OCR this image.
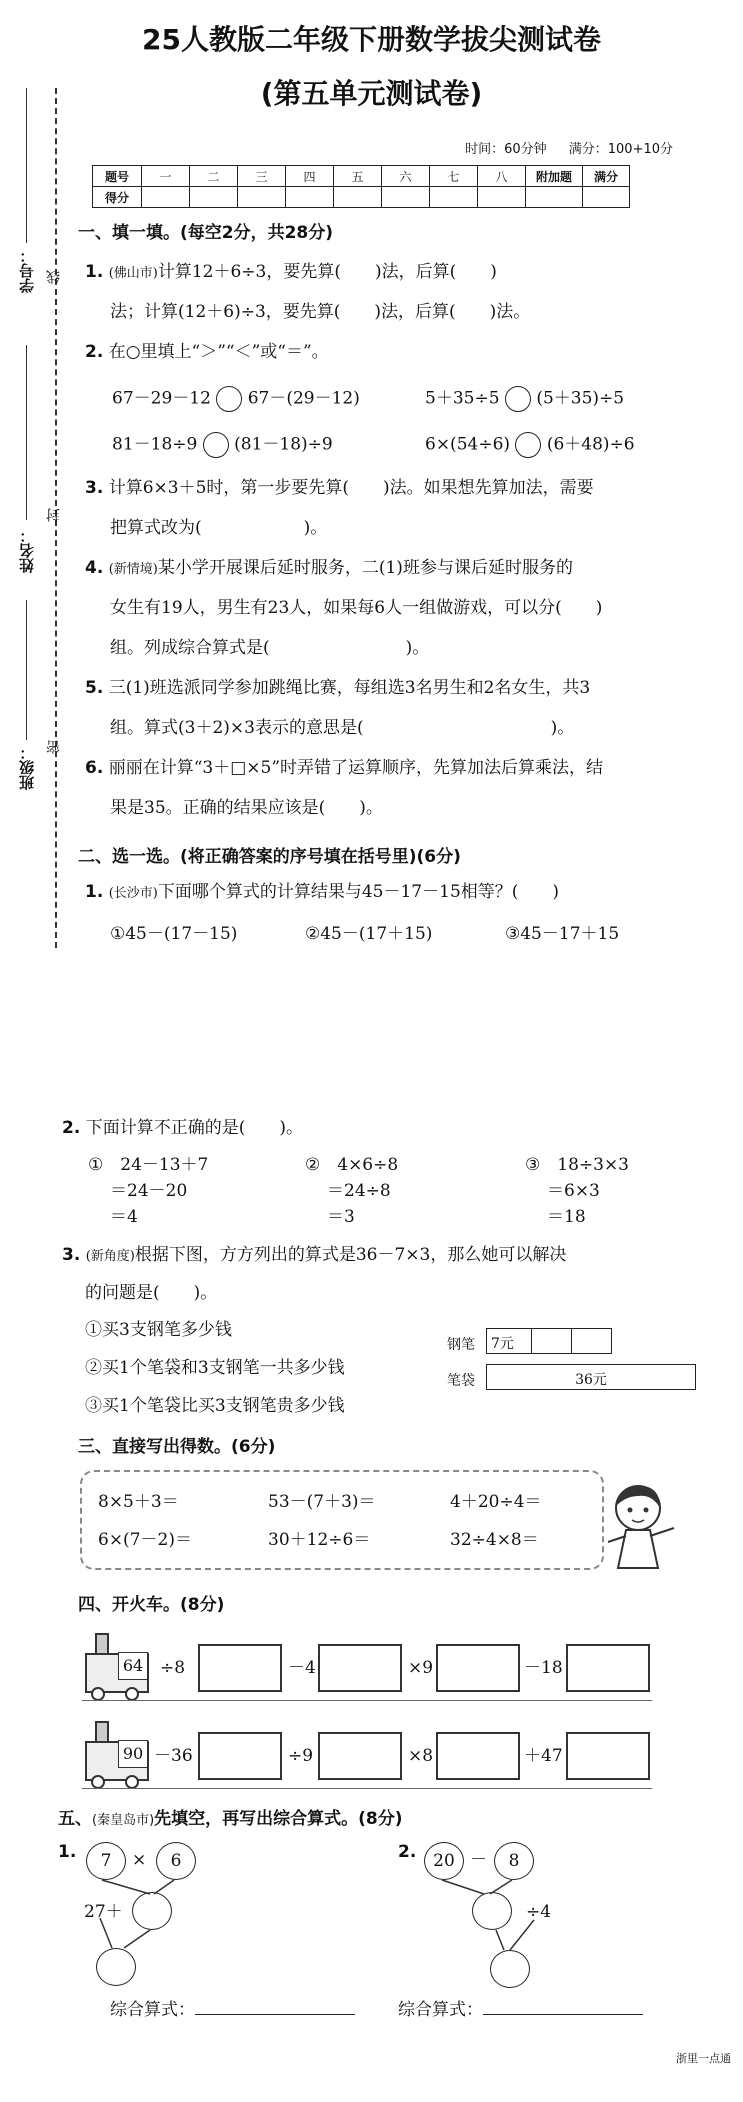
25人教版二年级下册数学拔尖测试卷
(第五单元测试卷)
时间：60分钟 满分：100+10分
题号	一	二	三	四	五	六	七	八	附加题	满分
得分										
学号： 线
姓名：
封
班级： 密
一、填一填。(每空2分，共28分)
1. (佛山市)计算12＋6÷3，要先算(　　)法，后算(　　)
法；计算(12＋6)÷3，要先算(　　)法，后算(　　)法。
2. 在○里填上“＞”“＜”或“＝”。
67－29－12 67－(29－12)	5＋35÷5 (5＋35)÷5
81－18÷9 (81－18)÷9	6×(54÷6) (6＋48)÷6
3. 计算6×3＋5时，第一步要先算(　　)法。如果想先算加法，需要
把算式改为(　　　　　　)。
4. (新情境)某小学开展课后延时服务，二(1)班参与课后延时服务的
女生有19人，男生有23人，如果每6人一组做游戏，可以分(　　)
组。列成综合算式是(　　　　　　　　)。
5. 三(1)班选派同学参加跳绳比赛，每组选3名男生和2名女生，共3
组。算式(3＋2)×3表示的意思是(　　　　　　　　　　　)。
6. 丽丽在计算“3＋□×5”时弄错了运算顺序，先算加法后算乘法，结
果是35。正确的结果应该是(　　)。
二、选一选。(将正确答案的序号填在括号里)(6分)
1. (长沙市)下面哪个算式的计算结果与45－17－15相等？(　　)
①45－(17－15)	②45－(17＋15)	③45－17＋15
2. 下面计算不正确的是(　　)。
①　 24－13＋7
＝24－20
＝4
②　 4×6÷8
＝24÷8
＝3
③　 18÷3×3
＝6×3
＝18
3. (新角度)根据下图，方方列出的算式是36－7×3，那么她可以解决
的问题是(　　)。
①买3支钢笔多少钱
②买1个笔袋和3支钢笔一共多少钱
③买1个笔袋比买3支钢笔贵多少钱
钢笔	7元
笔袋	36元
三、直接写出得数。(6分)
8×5＋3＝	53－(7＋3)＝	4＋20÷4＝
6×(7－2)＝	30＋12÷6＝	32÷4×8＝
四、开火车。(8分)
64 ÷8	－4	×9	－18
90 －36	÷9	×8	＋47
五、(秦皇岛市)先填空，再写出综合算式。(8分)
1.	7	×	6
27＋
综合算式：
2. 20 －	8
÷4
综合算式：
浙里一点通
